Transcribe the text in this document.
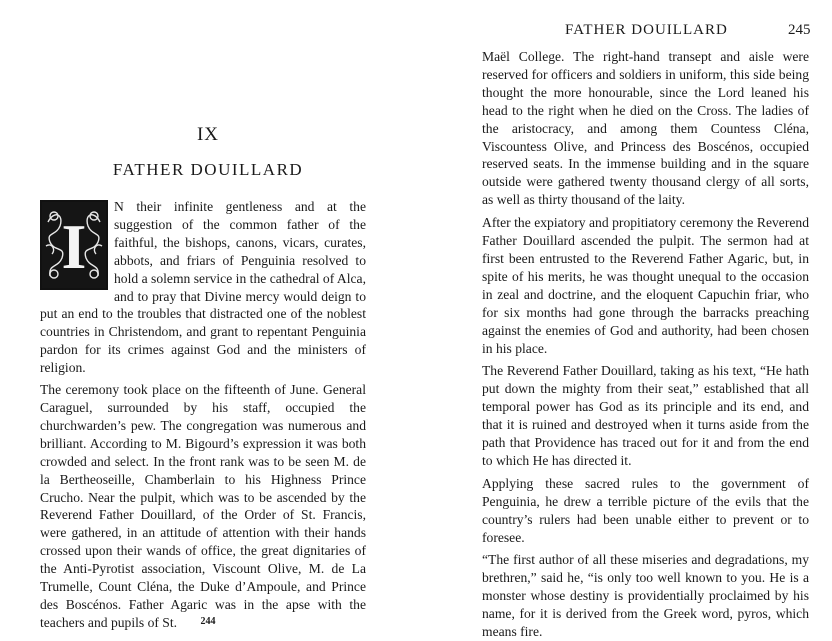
IX
FATHER DOUILLARD

I
N their infinite gentleness and at the suggestion of the common father of the faithful, the bishops, canons, vicars, curates, abbots, and friars of Penguinia resolved to hold a solemn service in the cathedral of Alca, and to pray that Divine mercy would deign to put an end to the troubles that distracted one of the noblest countries in Christendom, and grant to repentant Penguinia pardon for its crimes against God and the ministers of religion.

The ceremony took place on the fifteenth of June. General Caraguel, surrounded by his staff, occupied the churchwarden’s pew. The congregation was numerous and brilliant. According to M. Bigourd’s expression it was both crowded and select. In the front rank was to be seen M. de la Bertheoseille, Chamberlain to his Highness Prince Crucho. Near the pulpit, which was to be ascended by the Reverend Father Douillard, of the Order of St. Francis, were gathered, in an attitude of attention with their hands crossed upon their wands of office, the great dignitaries of the Anti-Pyrotist association, Viscount Olive, M. de La Trumelle, Count Cléna, the Duke d’Ampoule, and Prince des Boscénos. Father Agaric was in the apse with the teachers and pupils of St.	244
FATHER DOUILLARD	245

Maël College. The right-hand transept and aisle were reserved for officers and soldiers in uniform, this side being thought the more honourable, since the Lord leaned his head to the right when he died on the Cross. The ladies of the aristocracy, and among them Countess Cléna, Viscountess Olive, and Princess des Boscénos, occupied reserved seats. In the immense building and in the square outside were gathered twenty thousand clergy of all sorts, as well as thirty thousand of the laity.

After the expiatory and propitiatory ceremony the Reverend Father Douillard ascended the pulpit. The sermon had at first been entrusted to the Reverend Father Agaric, but, in spite of his merits, he was thought unequal to the occasion in zeal and doctrine, and the eloquent Capuchin friar, who for six months had gone through the barracks preaching against the enemies of God and authority, had been chosen in his place.

The Reverend Father Douillard, taking as his text, “He hath put down the mighty from their seat,” established that all temporal power has God as its principle and its end, and that it is ruined and destroyed when it turns aside from the path that Providence has traced out for it and from the end to which He has directed it.

Applying these sacred rules to the government of Penguinia, he drew a terrible picture of the evils that the country’s rulers had been unable either to prevent or to foresee.

“The first author of all these miseries and degradations, my brethren,” said he, “is only too well known to you. He is a monster whose destiny is providentially proclaimed by his name, for it is derived from the Greek word, pyros, which means fire.
